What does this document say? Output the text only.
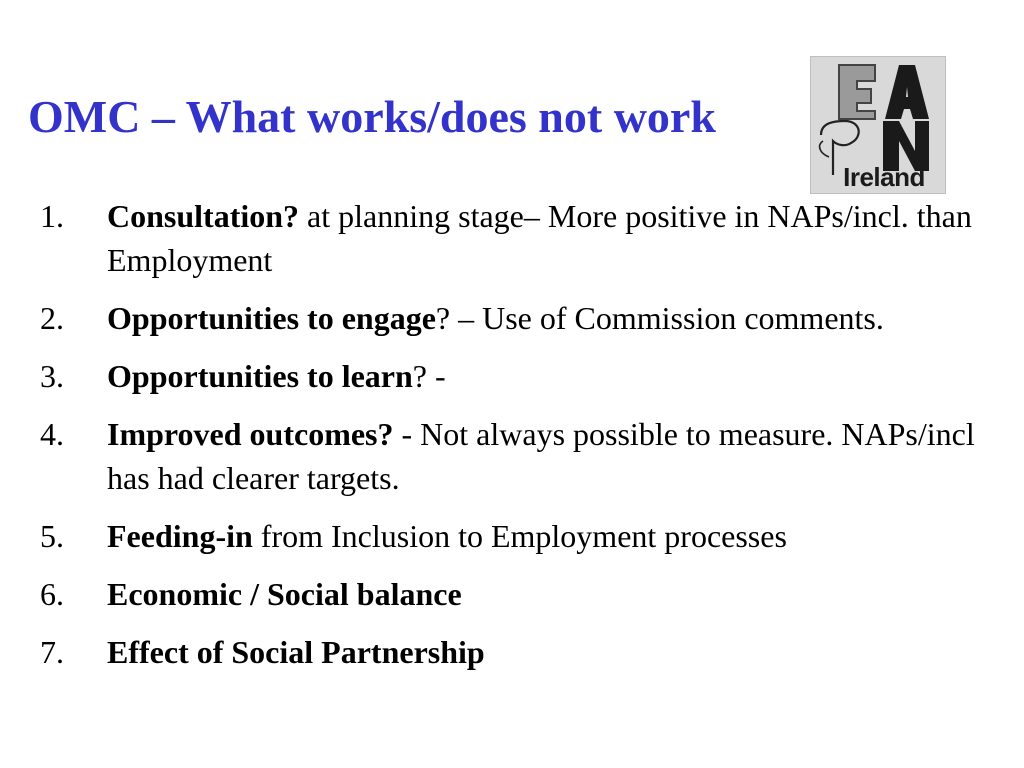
OMC – What works/does not work
Ireland
1. Consultation? at planning stage– More positive in NAPs/incl. than Employment
2. Opportunities to engage? – Use of Commission comments.
3. Opportunities to learn? -
4. Improved outcomes? - Not always possible to measure. NAPs/incl has had clearer targets.
5. Feeding-in from Inclusion to Employment processes
6. Economic / Social balance
7. Effect of Social Partnership
